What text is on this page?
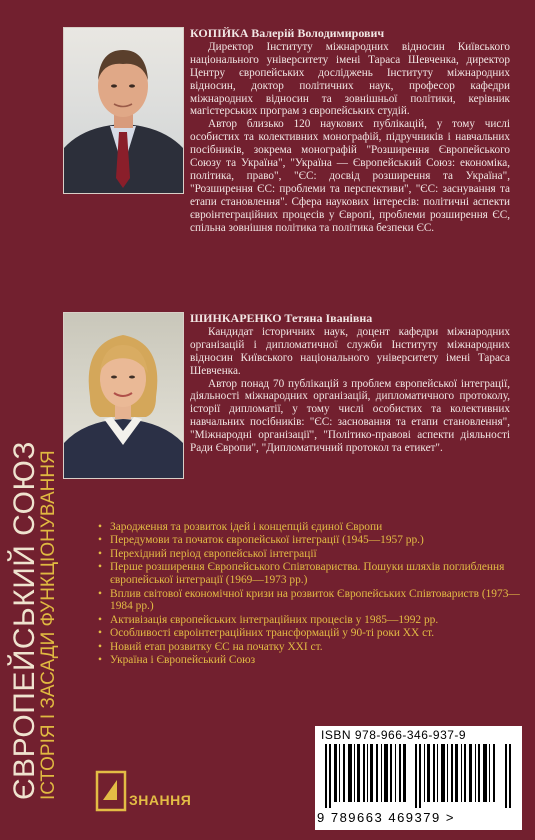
ЄВРОПЕЙСЬКИЙ СОЮЗ
ІСТОРІЯ І ЗАСАДИ ФУНКЦІОНУВАННЯ

КОПІЙКА Валерій Володимирович

Директор Інституту міжнародних відносин Київського національного університету імені Тараса Шевченка, директор Центру європейських досліджень Інституту міжнародних відносин, доктор політичних наук, професор кафедри міжнародних відносин та зовнішньої політики, керівник магістерських програм з європейських студій.

Автор близько 120 наукових публікацій, у тому числі особистих та колективних монографій, підручників і навчальних посібників, зокрема монографій "Розширення Європейського Союзу та Україна", "Україна — Європейський Союз: економіка, політика, право", "ЄС: досвід розширення та Україна", "Розширення ЄС: проблеми та перспективи", "ЄС: заснування та етапи становлення". Сфера наукових інтересів: політичні аспекти євроінтеграційних процесів у Європі, проблеми розширення ЄС, спільна зовнішня політика та політика безпеки ЄС.

ШИНКАРЕНКО Тетяна Іванівна

Кандидат історичних наук, доцент кафедри міжнародних організацій і дипломатичної служби Інституту міжнародних відносин Київського національного університету імені Тараса Шевченка.

Автор понад 70 публікацій з проблем європейської інтеграції, діяльності міжнародних організацій, дипломатичного протоколу, історії дипломатії, у тому числі особистих та колективних навчальних посібників: "ЄС: засновання та етапи становлення", "Міжнародні організації", "Політико-правові аспекти діяльності Ради Європи", "Дипломатичний протокол та етикет".

• Зародження та розвиток ідей і концепцій єдиної Європи
• Передумови та початок європейської інтеграції (1945—1957 рр.)
• Перехідний період європейської інтеграції
• Перше розширення Європейського Співтовариства. Пошуки шляхів поглиблення європейської інтеграції (1969—1973 рр.)
• Вплив світової економічної кризи на розвиток Європейських Співтовариств (1973—1984 рр.)
• Активізація європейських інтеграційних процесів у 1985—1992 рр.
• Особливості євроінтеграційних трансформацій у 90-ті роки ХХ ст.
• Новий етап розвитку ЄС на початку ХХІ ст.
• Україна і Європейський Союз
ЗНАННЯ
ISBN 978-966-346-937-9
9 789663 469379 >
